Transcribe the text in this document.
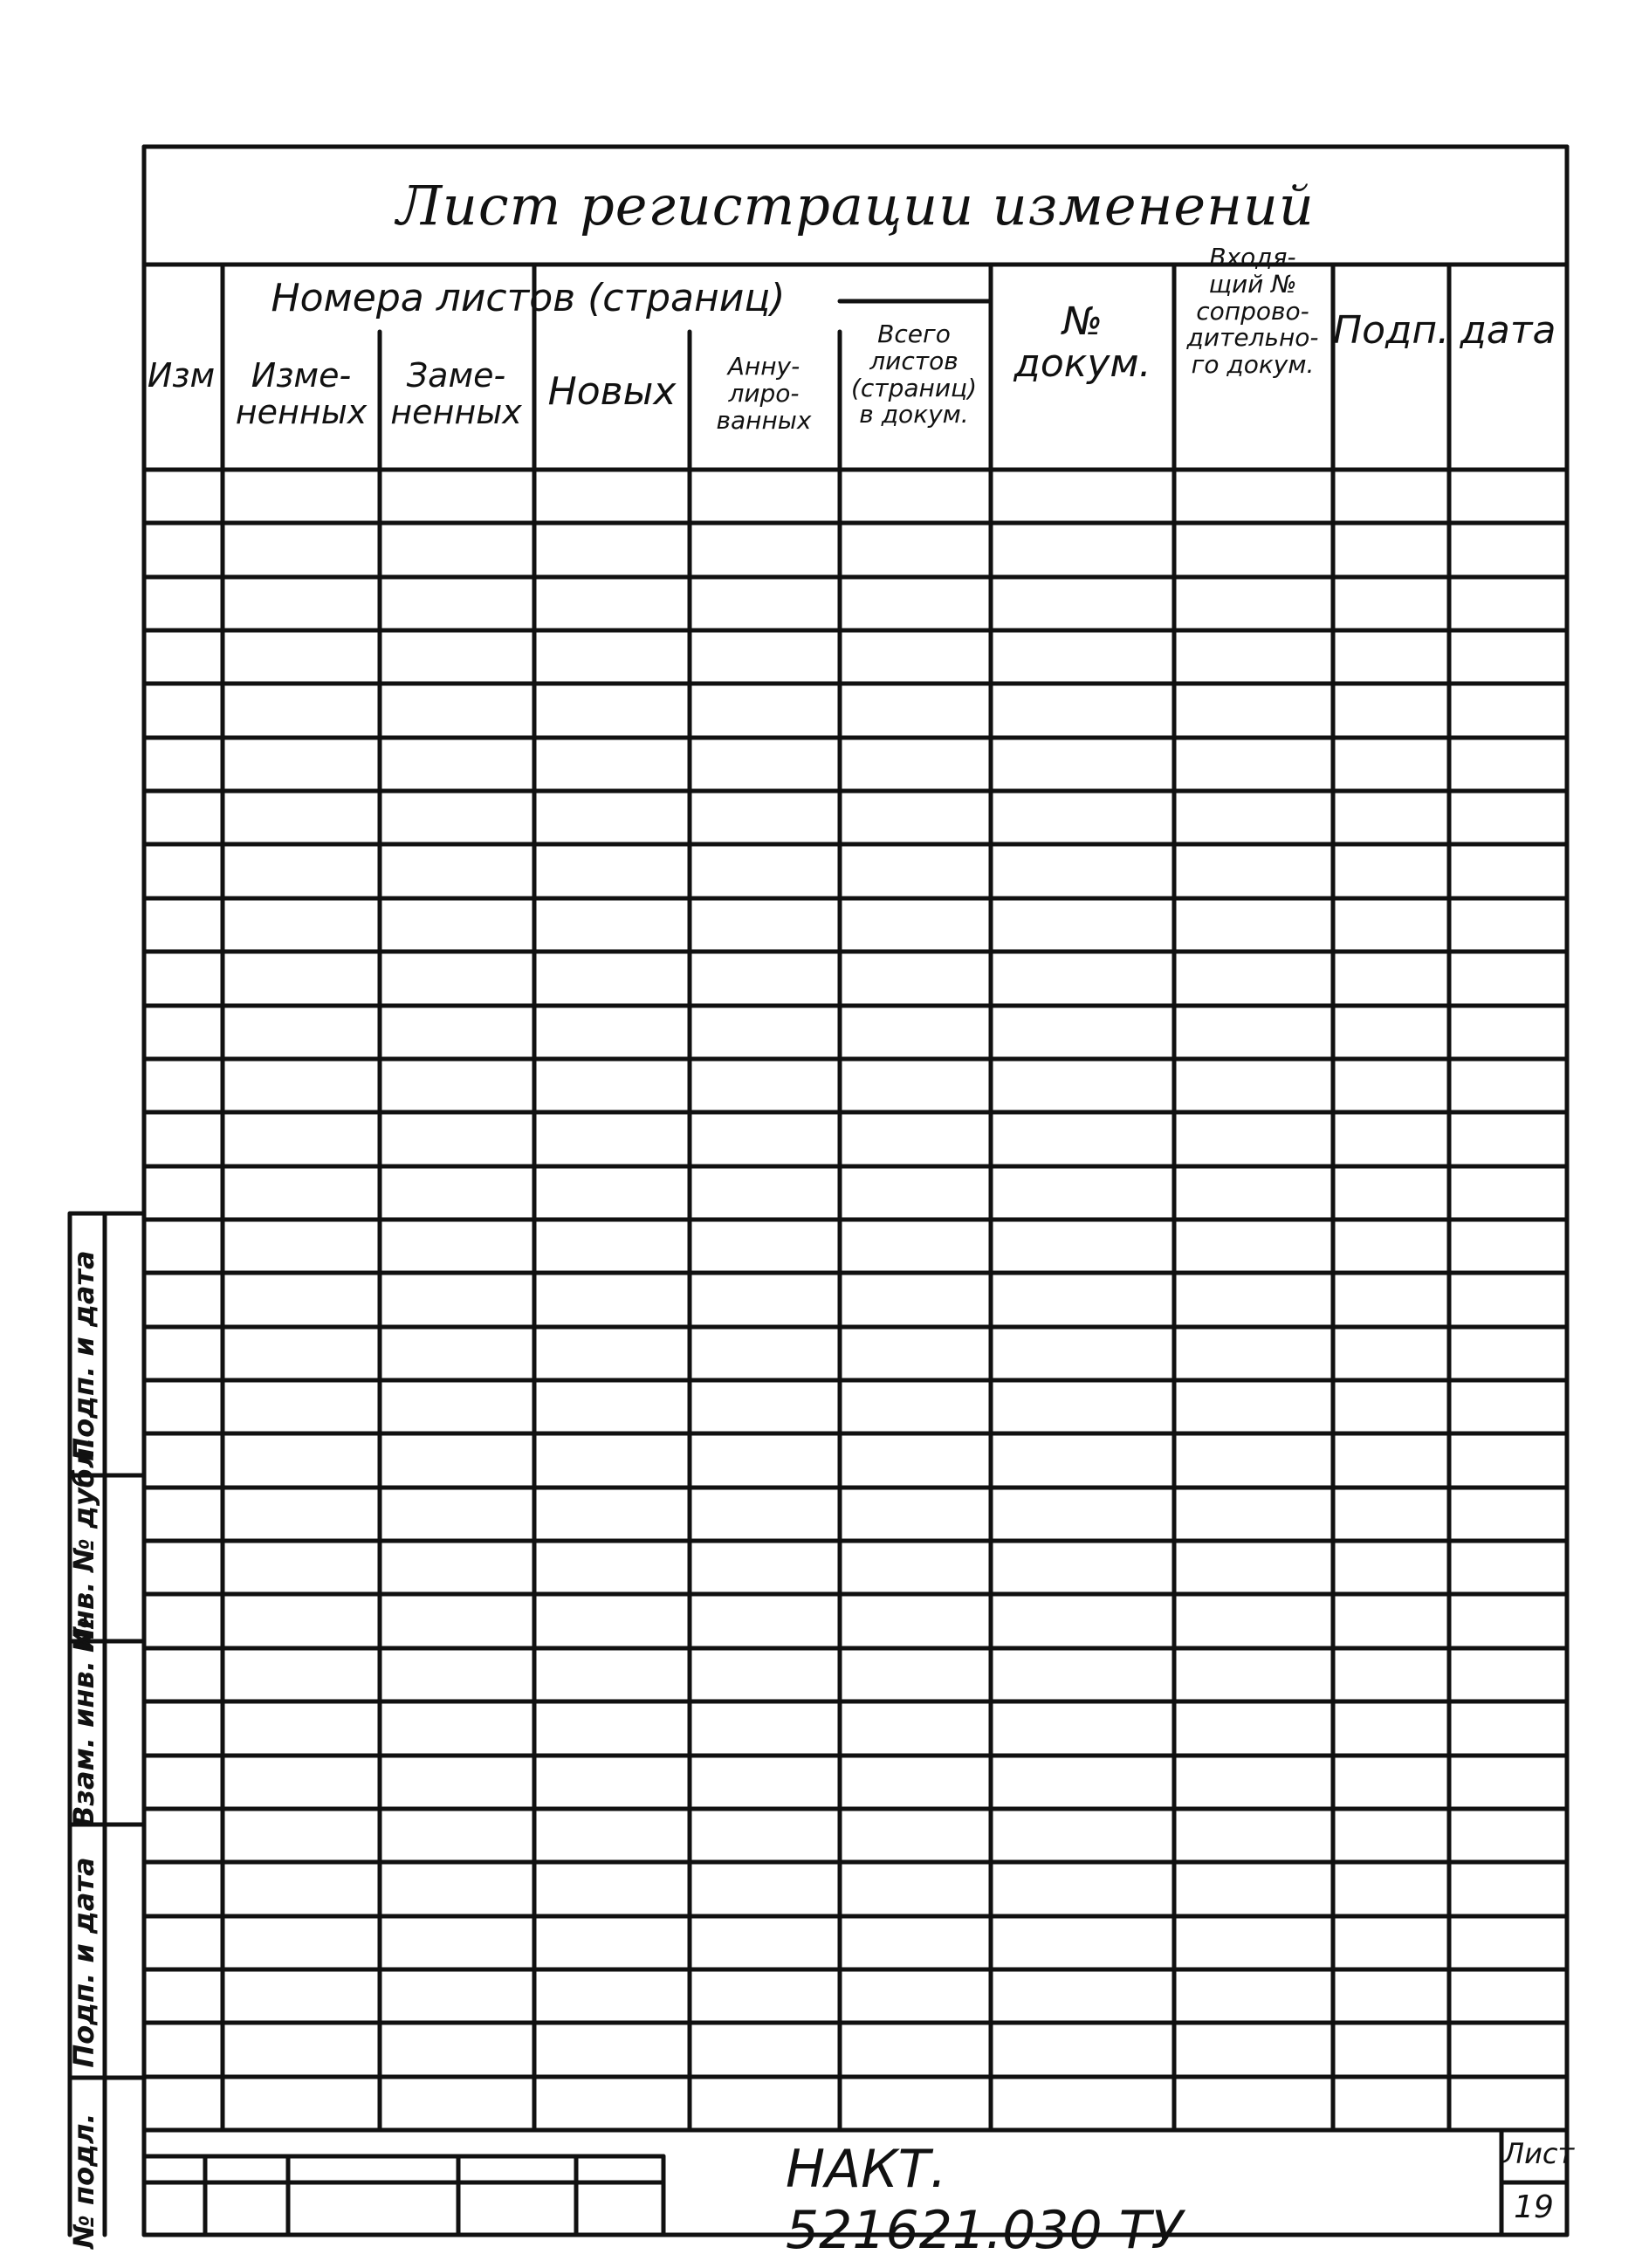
Лист регистрации изменений
Номера листов (страниц)
Изм	Изме-
ненных
Заме-
ненных Новых
Анну-
лиро-
ванных
Всего
листов
(страниц)
в докум.
№
докум.
Входя-
щий №
сопрово-
дительно-
го докум.
Подп. дата
Подп. и дата
Инв. № дубл.
Взам. инв. №
Подп. и дата
№ подл.	НАКТ. 521621.030 ТУ
Лист
19
